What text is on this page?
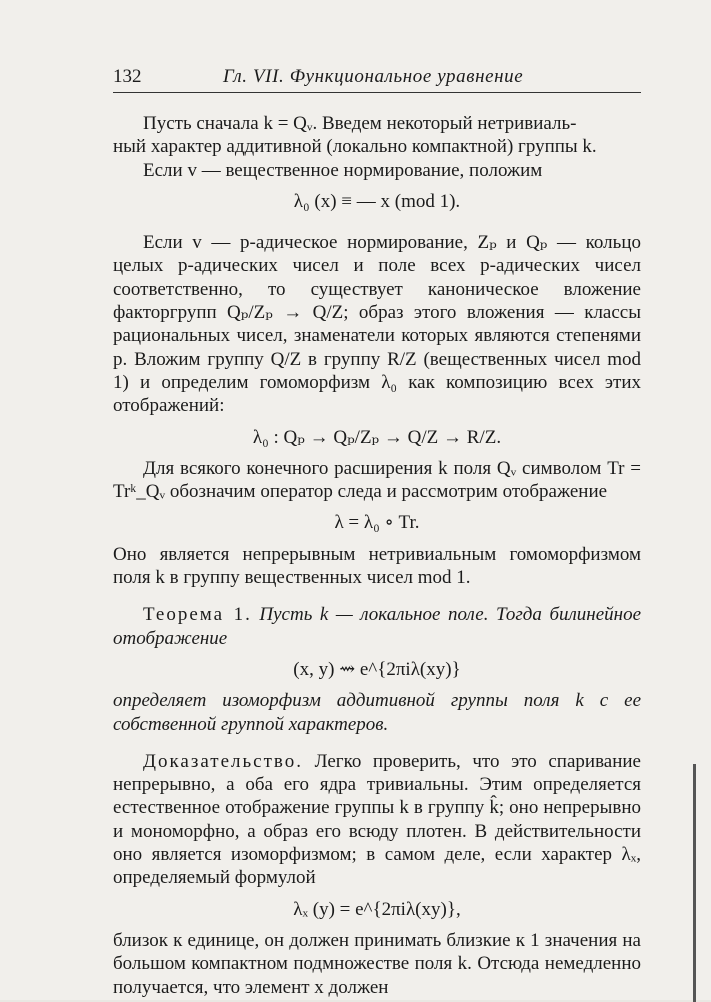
132	Гл. VII. Функциональное уравнение

Пусть сначала k = Qᵥ. Введем некоторый нетривиаль-

ный характер аддитивной (локально компактной) группы k.

Если v — вещественное нормирование, положим

λ₀ (x) ≡ — x (mod 1).

Если v — p-адическое нормирование, Zₚ и Qₚ — кольцо целых p-адических чисел и поле всех p-адических чисел соответственно, то существует каноническое вложение факторгрупп Qₚ/Zₚ → Q/Z; образ этого вложения — классы рациональных чисел, знаменатели которых являются степенями p. Вложим группу Q/Z в группу R/Z (вещественных чисел mod 1) и определим гомоморфизм λ₀ как композицию всех этих отображений:

λ₀ : Qₚ → Qₚ/Zₚ → Q/Z → R/Z.

Для всякого конечного расширения k поля Qᵥ символом Tr = Trᵏ_Qᵥ обозначим оператор следа и рассмотрим отображение

λ = λ₀ ∘ Tr.

Оно является непрерывным нетривиальным гомоморфизмом поля k в группу вещественных чисел mod 1.

Теорема 1. Пусть k — локальное поле. Тогда билинейное отображение

(x, y) ⇝ e^{2πiλ(xy)}

определяет изоморфизм аддитивной группы поля k с ее собственной группой характеров.

Доказательство. Легко проверить, что это спаривание непрерывно, а оба его ядра тривиальны. Этим определяется естественное отображение группы k в группу k̂; оно непрерывно и мономорфно, а образ его всюду плотен. В действительности оно является изоморфизмом; в самом деле, если характер λₓ, определяемый формулой

λₓ (y) = e^{2πiλ(xy)},

близок к единице, он должен принимать близкие к 1 значения на большом компактном подмножестве поля k. Отсюда немедленно получается, что элемент x должен
